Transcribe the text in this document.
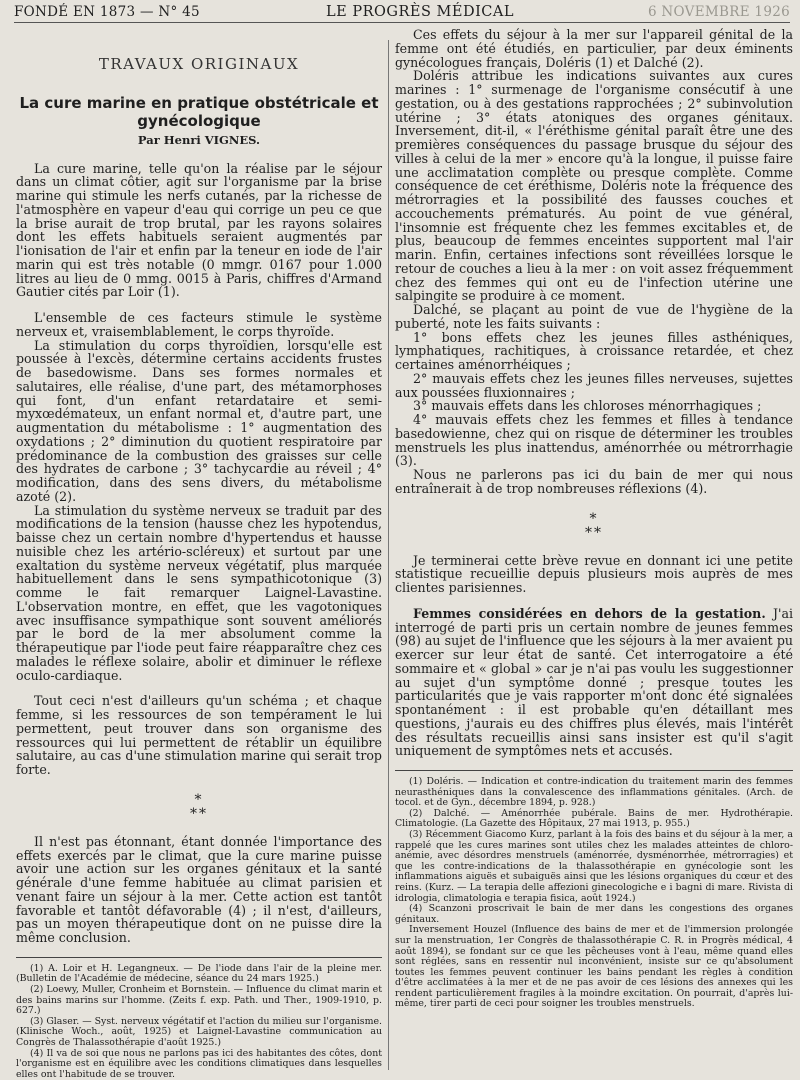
FONDÉ EN 1873 — N° 45	LE PROGRÈS MÉDICAL	6 NOVEMBRE 1926
TRAVAUX ORIGINAUX
La cure marine en pratique obstétricale et gynécologique
Par Henri VIGNES.

La cure marine, telle qu'on la réalise par le séjour dans un climat côtier, agit sur l'organisme par la brise marine qui stimule les nerfs cutanés, par la richesse de l'atmosphère en vapeur d'eau qui corrige un peu ce que la brise aurait de trop brutal, par les rayons solaires dont les effets habituels seraient augmentés par l'ionisation de l'air et enfin par la teneur en iode de l'air marin qui est très notable (0 mmgr. 0167 pour 1.000 litres au lieu de 0 mmg. 0015 à Paris, chiffres d'Armand Gautier cités par Loir (1).

L'ensemble de ces facteurs stimule le système nerveux et, vraisemblablement, le corps thyroïde.

La stimulation du corps thyroïdien, lorsqu'elle est poussée à l'excès, détermine certains accidents frustes de basedowisme. Dans ses formes normales et salutaires, elle réalise, d'une part, des métamorphoses qui font, d'un enfant retardataire et semi-myxœdémateux, un enfant normal et, d'autre part, une augmentation du métabolisme : 1° augmentation des oxydations ; 2° diminution du quotient respiratoire par prédominance de la combustion des graisses sur celle des hydrates de carbone ; 3° tachycardie au réveil ; 4° modification, dans des sens divers, du métabolisme azoté (2).

La stimulation du système nerveux se traduit par des modifications de la tension (hausse chez les hypotendus, baisse chez un certain nombre d'hypertendus et hausse nuisible chez les artério-scléreux) et surtout par une exaltation du système nerveux végétatif, plus marquée habituellement dans le sens sympathicotonique (3) comme le fait remarquer Laignel-Lavastine. L'observation montre, en effet, que les vagotoniques avec insuffisance sympathique sont souvent améliorés par le bord de la mer absolument comme la thérapeutique par l'iode peut faire réapparaître chez ces malades le réflexe solaire, abolir et diminuer le réflexe oculo-cardiaque.

Tout ceci n'est d'ailleurs qu'un schéma ; et chaque femme, si les ressources de son tempérament le lui permettent, peut trouver dans son organisme des ressources qui lui permettent de rétablir un équilibre salutaire, au cas d'une stimulation marine qui serait trop forte.

*
**

Il n'est pas étonnant, étant donnée l'importance des effets exercés par le climat, que la cure marine puisse avoir une action sur les organes génitaux et la santé générale d'une femme habituée au climat parisien et venant faire un séjour à la mer. Cette action est tantôt favorable et tantôt défavorable (4) ; il n'est, d'ailleurs, pas un moyen thérapeutique dont on ne puisse dire la même conclusion.

(1) A. Loir et H. Legangneux. — De l'iode dans l'air de la pleine mer. (Bulletin de l'Académie de médecine, séance du 24 mars 1925.)

(2) Loewy, Muller, Cronheim et Bornstein. — Influence du climat marin et des bains marins sur l'homme. (Zeits f. exp. Path. und Ther., 1909-1910, p. 627.)

(3) Glaser. — Syst. nerveux végétatif et l'action du milieu sur l'organisme. (Klinische Woch., août, 1925) et Laignel-Lavastine communication au Congrès de Thalassothérapie d'août 1925.)

(4) Il va de soi que nous ne parlons pas ici des habitantes des côtes, dont l'organisme est en équilibre avec les conditions climatiques dans lesquelles elles ont l'habitude de se trouver.

Ces effets du séjour à la mer sur l'appareil génital de la femme ont été étudiés, en particulier, par deux éminents gynécologues français, Doléris (1) et Dalché (2).

Doléris attribue les indications suivantes aux cures marines : 1° surmenage de l'organisme consécutif à une gestation, ou à des gestations rapprochées ; 2° subinvolution utérine ; 3° états atoniques des organes génitaux. Inversement, dit-il, « l'éréthisme génital paraît être une des premières conséquences du passage brusque du séjour des villes à celui de la mer » encore qu'à la longue, il puisse faire une acclimatation complète ou presque complète. Comme conséquence de cet éréthisme, Doléris note la fréquence des métrorragies et la possibilité des fausses couches et accouchements prématurés. Au point de vue général, l'insomnie est fréquente chez les femmes excitables et, de plus, beaucoup de femmes enceintes supportent mal l'air marin. Enfin, certaines infections sont réveillées lorsque le retour de couches a lieu à la mer : on voit assez fréquemment chez des femmes qui ont eu de l'infection utérine une salpingite se produire à ce moment.

Dalché, se plaçant au point de vue de l'hygiène de la puberté, note les faits suivants :

1° bons effets chez les jeunes filles asthéniques, lymphatiques, rachitiques, à croissance retardée, et chez certaines aménorrhéiques ;

2° mauvais effets chez les jeunes filles nerveuses, sujettes aux poussées fluxionnaires ;

3° mauvais effets dans les chloroses ménorrhagiques ;

4° mauvais effets chez les femmes et filles à tendance basedowienne, chez qui on risque de déterminer les troubles menstruels les plus inattendus, aménorrhée ou métrorrhagie (3).

Nous ne parlerons pas ici du bain de mer qui nous entraînerait à de trop nombreuses réflexions (4).

*
**

Je terminerai cette brève revue en donnant ici une petite statistique recueillie depuis plusieurs mois auprès de mes clientes parisiennes.

Femmes considérées en dehors de la gestation. J'ai interrogé de parti pris un certain nombre de jeunes femmes (98) au sujet de l'influence que les séjours à la mer avaient pu exercer sur leur état de santé. Cet interrogatoire a été sommaire et « global » car je n'ai pas voulu les suggestionner au sujet d'un symptôme donné ; presque toutes les particularités que je vais rapporter m'ont donc été signalées spontanément : il est probable qu'en détaillant mes questions, j'aurais eu des chiffres plus élevés, mais l'intérêt des résultats recueillis ainsi sans insister est qu'il s'agit uniquement de symptômes nets et accusés.

(1) Doléris. — Indication et contre-indication du traitement marin des femmes neurasthéniques dans la convalescence des inflammations génitales. (Arch. de tocol. et de Gyn., décembre 1894, p. 928.)

(2) Dalché. — Aménorrhée pubérale. Bains de mer. Hydrothérapie. Climatologie. (La Gazette des Hôpitaux, 27 mai 1913, p. 955.)

(3) Récemment Giacomo Kurz, parlant à la fois des bains et du séjour à la mer, a rappelé que les cures marines sont utiles chez les malades atteintes de chloro-anémie, avec désordres menstruels (aménorrée, dysménorrhée, métrorragies) et que les contre-indications de la thalassothérapie en gynécologie sont les inflammations aiguës et subaiguës ainsi que les lésions organiques du cœur et des reins. (Kurz. — La terapia delle affezioni ginecologiche e i bagni di mare. Rivista di idrologia, climatologia e terapia fisica, août 1924.)

(4) Scanzoni proscrivait le bain de mer dans les congestions des organes génitaux.

Inversement Houzel (Influence des bains de mer et de l'immersion prolongée sur la menstruation, 1er Congrès de thalassothérapie C. R. in Progrès médical, 4 août 1894), se fondant sur ce que les pêcheuses vont à l'eau, même quand elles sont réglées, sans en ressentir nul inconvénient, insiste sur ce qu'absolument toutes les femmes peuvent continuer les bains pendant les règles à condition d'être acclimatées à la mer et de ne pas avoir de ces lésions des annexes qui les rendent particulièrement fragiles à la moindre excitation. On pourrait, d'après lui-même, tirer parti de ceci pour soigner les troubles menstruels.
